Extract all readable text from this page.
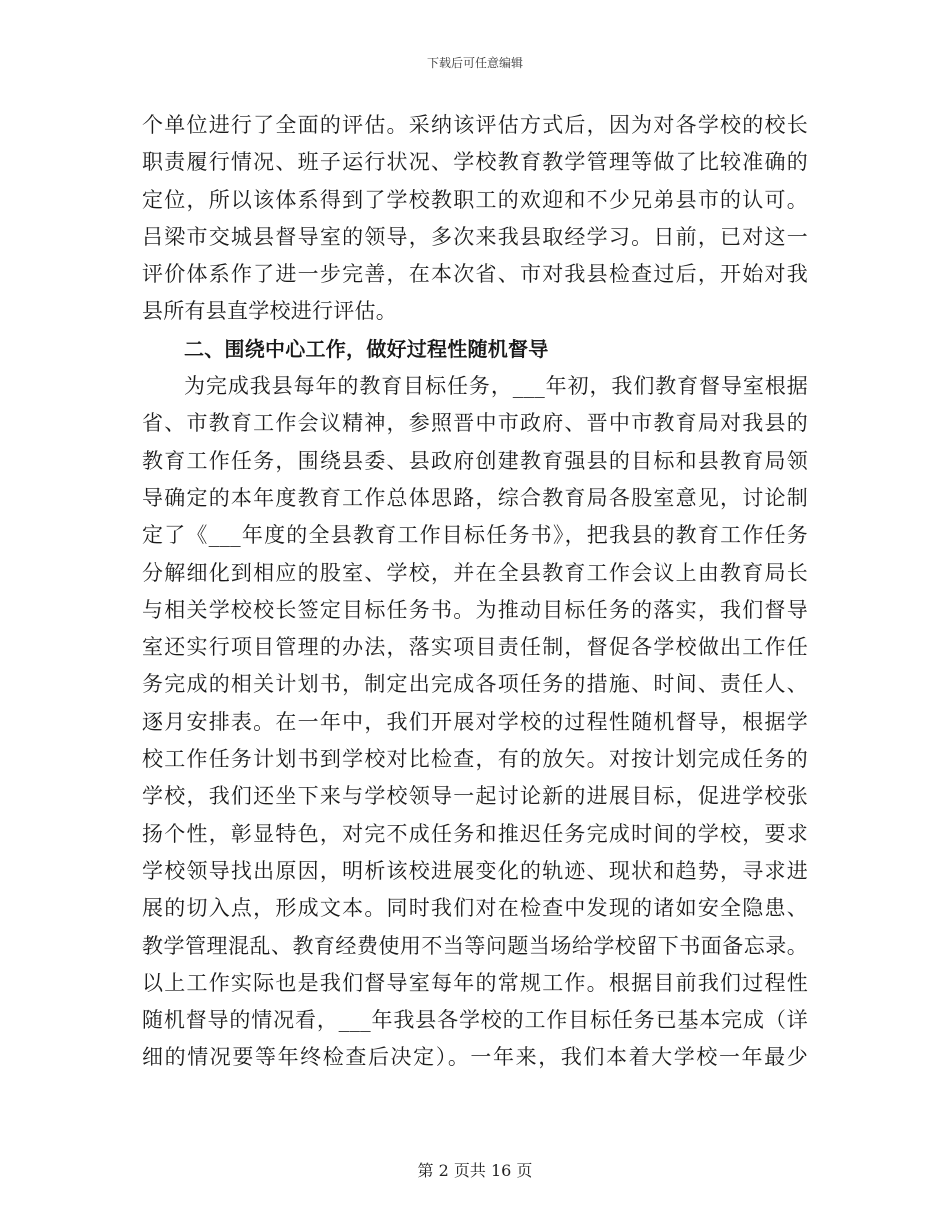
下载后可任意编辑
个单位进行了全面的评估。采纳该评估方式后，因为对各学校的校长
职责履行情况、班子运行状况、学校教育教学管理等做了比较准确的
定位，所以该体系得到了学校教职工的欢迎和不少兄弟县市的认可。
吕梁市交城县督导室的领导，多次来我县取经学习。日前，已对这一
评价体系作了进一步完善，在本次省、市对我县检查过后，开始对我
县所有县直学校进行评估。
二、围绕中心工作，做好过程性随机督导
为完成我县每年的教育目标任务，___年初，我们教育督导室根据
省、市教育工作会议精神，参照晋中市政府、晋中市教育局对我县的
教育工作任务，围绕县委、县政府创建教育强县的目标和县教育局领
导确定的本年度教育工作总体思路，综合教育局各股室意见，讨论制
定了《___年度的全县教育工作目标任务书》，把我县的教育工作任务
分解细化到相应的股室、学校，并在全县教育工作会议上由教育局长
与相关学校校长签定目标任务书。为推动目标任务的落实，我们督导
室还实行项目管理的办法，落实项目责任制，督促各学校做出工作任
务完成的相关计划书，制定出完成各项任务的措施、时间、责任人、
逐月安排表。在一年中，我们开展对学校的过程性随机督导，根据学
校工作任务计划书到学校对比检查，有的放矢。对按计划完成任务的
学校，我们还坐下来与学校领导一起讨论新的进展目标，促进学校张
扬个性，彰显特色，对完不成任务和推迟任务完成时间的学校，要求
学校领导找出原因，明析该校进展变化的轨迹、现状和趋势，寻求进
展的切入点，形成文本。同时我们对在检查中发现的诸如安全隐患、
教学管理混乱、教育经费使用不当等问题当场给学校留下书面备忘录。
以上工作实际也是我们督导室每年的常规工作。根据目前我们过程性
随机督导的情况看，___年我县各学校的工作目标任务已基本完成（详
细的情况要等年终检查后决定）。一年来，我们本着大学校一年最少
第 2 页共 16 页
